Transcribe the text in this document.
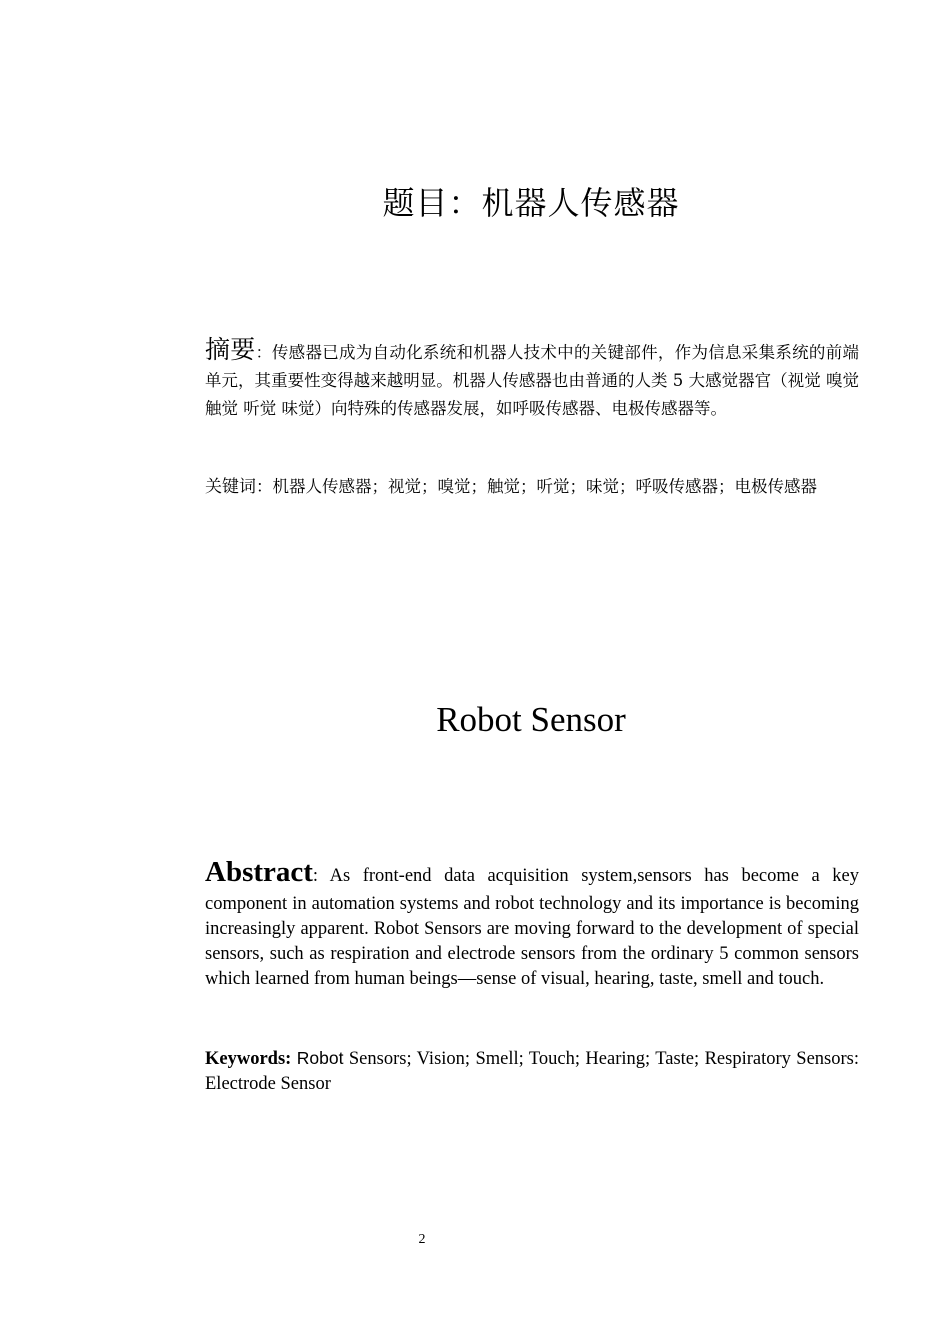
题目：机器人传感器
摘要：传感器已成为自动化系统和机器人技术中的关键部件，作为信息采集系统的前端单元，其重要性变得越来越明显。机器人传感器也由普通的人类 5 大感觉器官（视觉 嗅觉 触觉 听觉 味觉）向特殊的传感器发展，如呼吸传感器、电极传感器等。
关键词：机器人传感器；视觉；嗅觉；触觉；听觉；味觉；呼吸传感器；电极传感器
Robot Sensor
Abstract: As front-end data acquisition system,sensors has become a key component in automation systems and robot technology and its importance is becoming increasingly apparent. Robot Sensors are moving forward to the development of special sensors, such as respiration and electrode sensors from the ordinary 5 common sensors which learned from human beings—sense of visual, hearing, taste, smell and touch.
Keywords: Robot Sensors; Vision; Smell; Touch; Hearing; Taste; Respiratory Sensors: Electrode Sensor
2
